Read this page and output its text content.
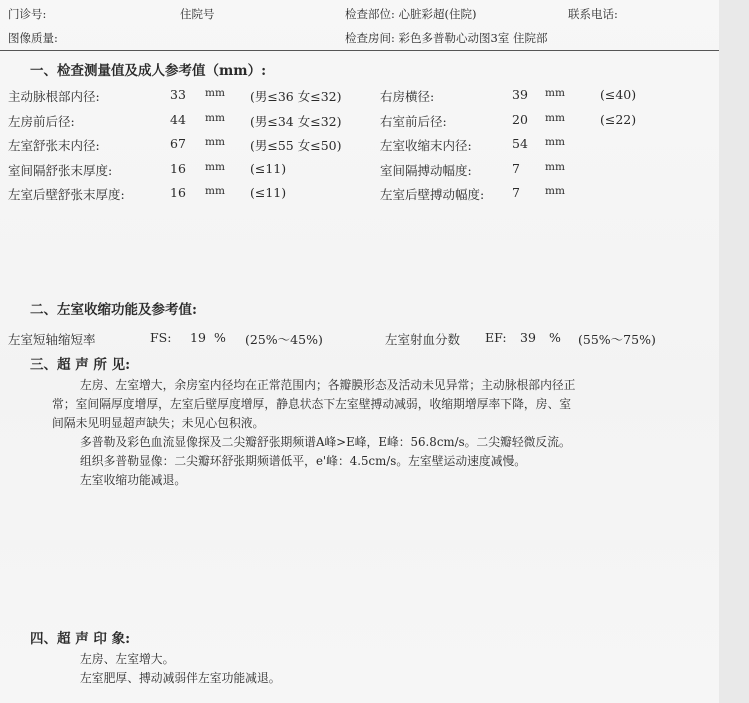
门诊号:	住院号	检查部位: 心脏彩超(住院)	联系电话:
图像质量:	检查房间: 彩色多普勒心动图3室 住院部
一、检查测量值及成人参考值（mm）:
主动脉根部内径:	33 mm (男≤36 女≤32)	右房横径:	39 mm	(≤40)
左房前后径:	44 mm (男≤34 女≤32)	右室前后径:	20 mm	(≤22)
左室舒张末内径:	67 mm (男≤55 女≤50)	左室收缩末内径:	54 mm
室间隔舒张末厚度:	16 mm (≤11)	室间隔搏动幅度:	7 mm
左室后壁舒张末厚度:	16 mm (≤11)	左室后壁搏动幅度: 7 mm
二、左室收缩功能及参考值:
左室短轴缩短率	FS: 19 % (25%～45%)	左室射血分数 EF: 39 % (55%～75%)
三、超 声 所 见:
左房、左室增大，余房室内径均在正常范围内；各瓣膜形态及活动未见异常；主动脉根部内径正
常；室间隔厚度增厚，左室后壁厚度增厚，静息状态下左室壁搏动减弱，收缩期增厚率下降，房、室
间隔未见明显超声缺失；未见心包积液。
多普勒及彩色血流显像探及二尖瓣舒张期频谱A峰>E峰，E峰：56.8cm/s。二尖瓣轻微反流。
组织多普勒显像：二尖瓣环舒张期频谱低平，e'峰：4.5cm/s。左室壁运动速度减慢。
左室收缩功能减退。
四、超 声 印 象:
左房、左室增大。
左室肥厚、搏动减弱伴左室功能减退。
